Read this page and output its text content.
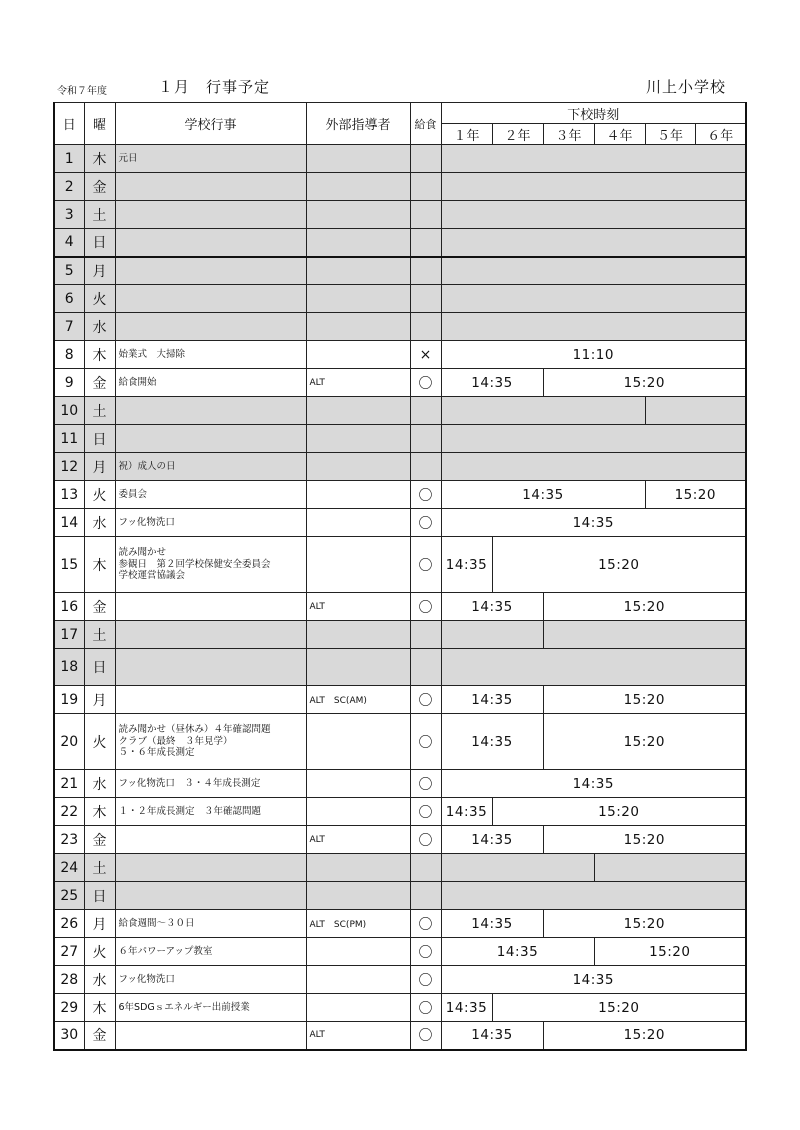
令和７年度	１月　行事予定	川上小学校
日	曜	学校行事	外部指導者	給食	下校時刻					
					１年	２年	３年	４年	５年	６年
1	木	元日								

2	金									
3	土									
4	日									
5	月									
6	火									
7	水									
8	木	始業式　大掃除		×	11:10					
9	金	給食開始	ALT	〇	14:35		15:20			
10	土									
11	日									
12	月	祝）成人の日								

13	火	委員会		〇	14:35				15:20	
14	水	フッ化物洗口		〇	14:35					
15	木	読み聞かせ
参観日　第２回学校保健安全委員会
学校運営協議会		〇	14:35	15:20				
16	金		ALT	〇	14:35		15:20			
17	土									
18	日									
19	月		ALT　SC(AM)	〇	14:35		15:20			
20	火	読み聞かせ（昼休み）４年確認問題
クラブ（最終　３年見学）
５・６年成長測定		〇	14:35		15:20			
21	水	フッ化物洗口　３・４年成長測定		〇	14:35					
22	木	１・２年成長測定　３年確認問題		〇	14:35	15:20				
23	金		ALT	〇	14:35		15:20			
24	土									
25	日									
26	月	給食週間～３０日	ALT　SC(PM)	〇	14:35		15:20			
27	火	６年パワーアップ教室		〇	14:35			15:20		
28	水	フッ化物洗口		〇	14:35					
29	木	6年SDGｓエネルギー出前授業		〇	14:35	15:20				
30	金		ALT	〇	14:35		15:20			
